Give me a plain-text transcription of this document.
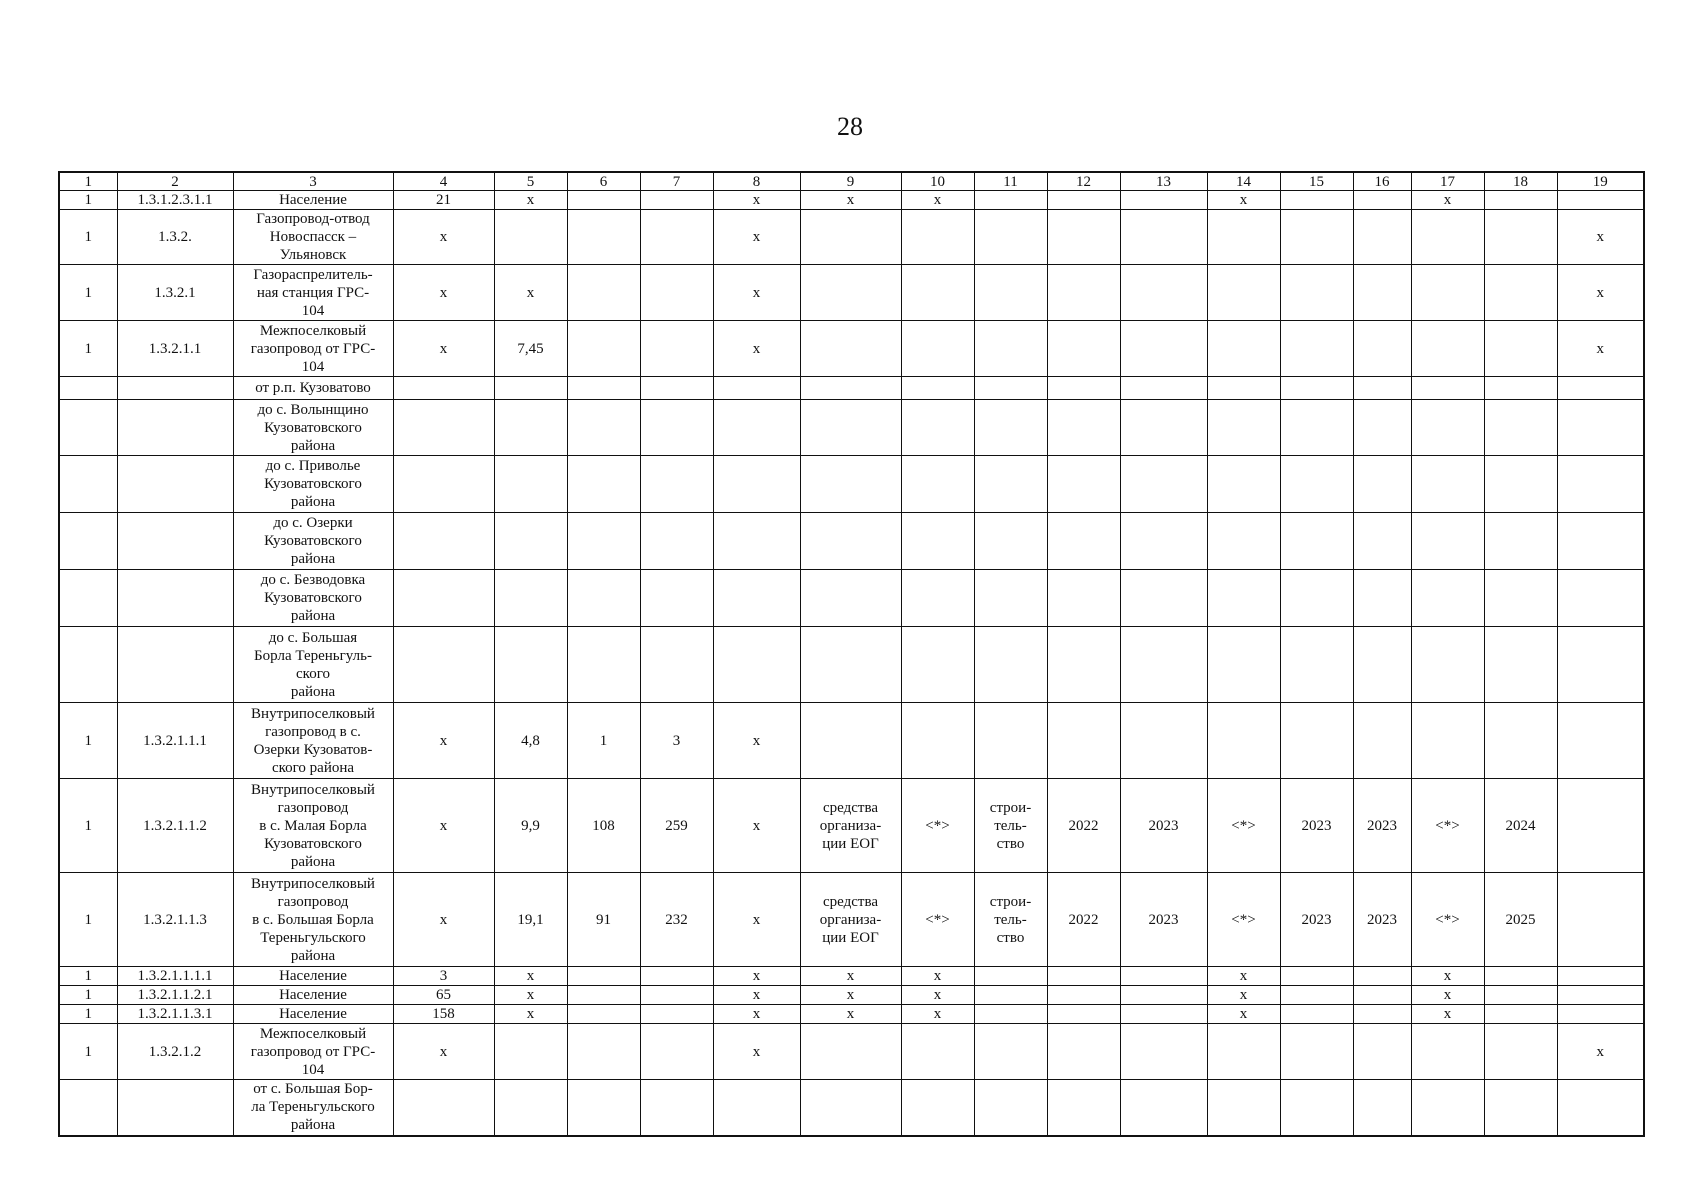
28
1	2	3	4	5	6	7	8	9	10	11	12	13	14	15	16	17	18	19
1	1.3.1.2.3.1.1	Население	21	x			x	x	x				x			x		
1	1.3.2.	Газопровод-отвод
Новоспасск –
Ульяновск	x				x											x
1	1.3.2.1	Газораспрелитель-
ная станция ГРС-
104	x	x			x											x
1	1.3.2.1.1	Межпоселковый
газопровод от ГРС-
104	x	7,45			x											x
		от р.п. Кузоватово																
		до с. Волынщино
Кузоватовского
района																
		до с. Приволье
Кузоватовского
района																
		до с. Озерки
Кузоватовского
района																
		до с. Безводовка
Кузоватовского
района																
		до с. Большая
Борла Тереньгуль-
ского
района																
1	1.3.2.1.1.1	Внутрипоселковый
газопровод в с.
Озерки Кузоватов-
ского района	x	4,8	1	3	x											
1	1.3.2.1.1.2	Внутрипоселковый
газопровод
в с. Малая Борла
Кузоватовского
района	x	9,9	108	259	x	средства
организа-
ции ЕОГ	<*>	строи-
тель-
ство	2022	2023	<*>	2023	2023	<*>	2024	
1	1.3.2.1.1.3	Внутрипоселковый
газопровод
в с. Большая Борла
Тереньгульского
района	x	19,1	91	232	x	средства
организа-
ции ЕОГ	<*>	строи-
тель-
ство	2022	2023	<*>	2023	2023	<*>	2025	
1	1.3.2.1.1.1.1	Население	3	x			x	x	x				x			x		
1	1.3.2.1.1.2.1	Население	65	x			x	x	x				x			x		
1	1.3.2.1.1.3.1	Население	158	x			x	x	x				x			x		
1	1.3.2.1.2	Межпоселковый
газопровод от ГРС-
104	x				x											x
		от с. Большая Бор-
ла Тереньгульского
района																
